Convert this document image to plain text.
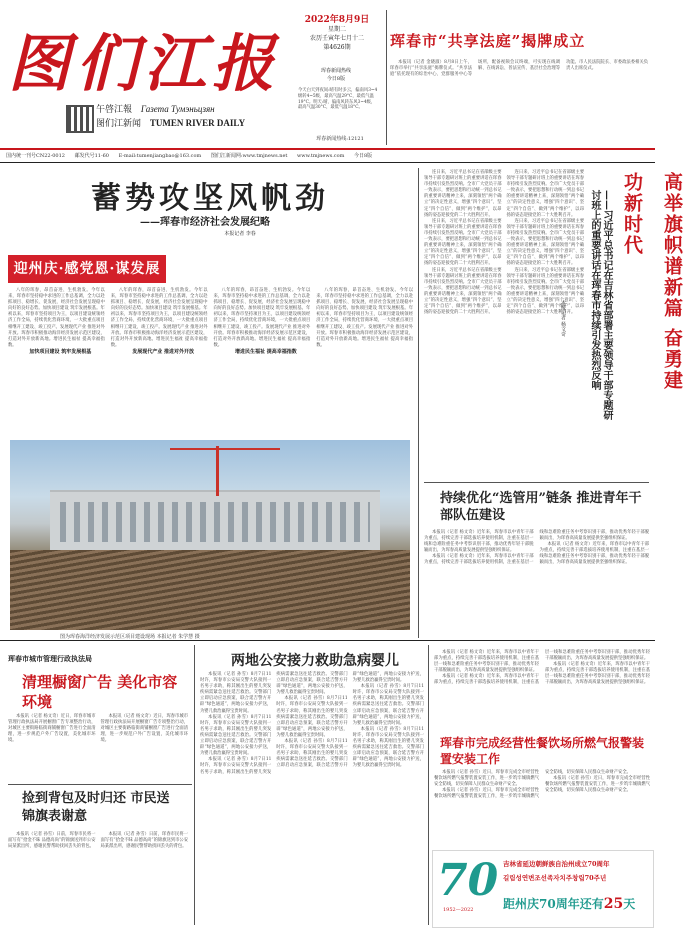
图们江报
午啓江報 Газета Тумэньцзян
图们江新闻 TUMEN RIVER DAILY
2022年8月9日
星期二
农历壬寅年七月十二
第4626期
珲春新闻热线
今日8版
今天白天到夜间:晴有时多云，偏南风3~4级转4~5级，最高气温29°C，最低气温19°C。明天:晴，偏南风转东风3~4级，最高气温30°C，最低气温18°C。
珲春新闻热线:12121
珲春市“共享法庭”揭牌成立

本报讯（记者 金晓淑）8月8日上午，珲春市举行“共享法庭”揭牌仪式。“共享法庭”依托现有的综治中心、党群服务中心等场所，配备视频会议终端，可实现在线调解、在线诉讼、普法宣传、基层社会治理等功能。市人民法院院长、市委政法委相关负责人出席仪式。

国内统一刊号CN22-0012 邮发代号11-60 E-mail:tumenjiangbao@163.com 图们江新闻网:www.tmjnews.net www.tmjnews.com 今日8版
蓄势攻坚风帆劲
——珲春市经济社会发展纪略
本报记者 李春
迎州庆·感党恩·谋发展

八年的珲春，昂首奋进、生机勃发。今年以来，珲春市坚持稳中求进的工作总基调，全力以赴抓项目、稳增长、促发展，经济社会发展呈现稳中向好的良好态势。加快项目建设 筑牢发展根基。年初以来，珲春市坚持项目为王，以项目建设统领经济工作全局，持续优化营商环境，一大批重点项目相继开工建设、竣工投产。发展现代产业 推进对外开放。珲春市积极推动海洋经济发展示范区建设，打造对外开放新高地。增进民生福祉 提高幸福指数。

加快项目建设 筑牢发展根基

八年的珲春，昂首奋进、生机勃发。今年以来，珲春市坚持稳中求进的工作总基调，全力以赴抓项目、稳增长、促发展，经济社会发展呈现稳中向好的良好态势。加快项目建设 筑牢发展根基。年初以来，珲春市坚持项目为王，以项目建设统领经济工作全局，持续优化营商环境，一大批重点项目相继开工建设、竣工投产。发展现代产业 推进对外开放。珲春市积极推动海洋经济发展示范区建设，打造对外开放新高地。增进民生福祉 提高幸福指数。

发展现代产业 推进对外开放

八年的珲春，昂首奋进、生机勃发。今年以来，珲春市坚持稳中求进的工作总基调，全力以赴抓项目、稳增长、促发展，经济社会发展呈现稳中向好的良好态势。加快项目建设 筑牢发展根基。年初以来，珲春市坚持项目为王，以项目建设统领经济工作全局，持续优化营商环境，一大批重点项目相继开工建设、竣工投产。发展现代产业 推进对外开放。珲春市积极推动海洋经济发展示范区建设，打造对外开放新高地。增进民生福祉 提高幸福指数。

增进民生福祉 提高幸福指数

八年的珲春，昂首奋进、生机勃发。今年以来，珲春市坚持稳中求进的工作总基调，全力以赴抓项目、稳增长、促发展，经济社会发展呈现稳中向好的良好态势。加快项目建设 筑牢发展根基。年初以来，珲春市坚持项目为王，以项目建设统领经济工作全局，持续优化营商环境，一大批重点项目相继开工建设、竣工投产。发展现代产业 推进对外开放。珲春市积极推动海洋经济发展示范区建设，打造对外开放新高地。增进民生福祉 提高幸福指数。

图为珲春海洋经济发展示范区项目建设现场 本报记者 朱学慧 摄

连日来，习近平总书记在省部级主要领导干部专题研讨班上的重要讲话在珲春市持续引发热烈反响。全市广大党员干部一致表示，要把思想和行动统一到总书记的重要讲话精神上来，深刻领悟“两个确立”的决定性意义，增强“四个意识”、坚定“四个自信”、做到“两个维护”，以昂扬的姿态迎接党的二十大胜利召开。

连日来，习近平总书记在省部级主要领导干部专题研讨班上的重要讲话在珲春市持续引发热烈反响。全市广大党员干部一致表示，要把思想和行动统一到总书记的重要讲话精神上来，深刻领悟“两个确立”的决定性意义，增强“四个意识”、坚定“四个自信”、做到“两个维护”，以昂扬的姿态迎接党的二十大胜利召开。

连日来，习近平总书记在省部级主要领导干部专题研讨班上的重要讲话在珲春市持续引发热烈反响。全市广大党员干部一致表示，要把思想和行动统一到总书记的重要讲话精神上来，深刻领悟“两个确立”的决定性意义，增强“四个意识”、坚定“四个自信”、做到“两个维护”，以昂扬的姿态迎接党的二十大胜利召开。

连日来，习近平总书记在省部级主要领导干部专题研讨班上的重要讲话在珲春市持续引发热烈反响。全市广大党员干部一致表示，要把思想和行动统一到总书记的重要讲话精神上来，深刻领悟“两个确立”的决定性意义，增强“四个意识”、坚定“四个自信”、做到“两个维护”，以昂扬的姿态迎接党的二十大胜利召开。

连日来，习近平总书记在省部级主要领导干部专题研讨班上的重要讲话在珲春市持续引发热烈反响。全市广大党员干部一致表示，要把思想和行动统一到总书记的重要讲话精神上来，深刻领悟“两个确立”的决定性意义，增强“四个意识”、坚定“四个自信”、做到“两个维护”，以昂扬的姿态迎接党的二十大胜利召开。

连日来，习近平总书记在省部级主要领导干部专题研讨班上的重要讲话在珲春市持续引发热烈反响。全市广大党员干部一致表示，要把思想和行动统一到总书记的重要讲话精神上来，深刻领悟“两个确立”的决定性意义，增强“四个意识”、坚定“四个自信”、做到“两个维护”，以昂扬的姿态迎接党的二十大胜利召开。	高举旗帜谱新篇 奋勇建功新时代
——习近平总书记在吉林省部署主要领导干部专题研讨班上的重要讲话在珲春市持续引发热烈反响
本报记者 杨文奇
持续优化“选管用”链条 推进青年干部队伍建设

本报讯（记者 杨文奇）近年来，珲春市以中青年干部为重点，持续完善干部选拔培养使用机制，注重在基层一线和急难险重任务中考察识别干部，推动优秀年轻干部脱颖而出，为珲春高质量发展提供坚强组织保证。

本报讯（记者 杨文奇）近年来，珲春市以中青年干部为重点，持续完善干部选拔培养使用机制，注重在基层一线和急难险重任务中考察识别干部，推动优秀年轻干部脱颖而出，为珲春高质量发展提供坚强组织保证。

本报讯（记者 杨文奇）近年来，珲春市以中青年干部为重点，持续完善干部选拔培养使用机制，注重在基层一线和急难险重任务中考察识别干部，推动优秀年轻干部脱颖而出，为珲春高质量发展提供坚强组织保证。

珲春市城市管理行政执法局
清理橱窗广告 美化市容环境

本报讯（记者 杨文奇）近日，珲春市城市管理行政执法局开展橱窗广告专项整治行动，对城区主要街路临街商铺橱窗广告进行全面清理，进一步规范户外广告设置，美化城市环境。

本报讯（记者 杨文奇）近日，珲春市城市管理行政执法局开展橱窗广告专项整治行动，对城区主要街路临街商铺橱窗广告进行全面清理，进一步规范户外广告设置，美化城市环境。

捡到背包及时归还 市民送锦旗表谢意

本报讯（记者 孙雪）日前，珲春市民将一面写有“拾金不昧 品德高尚”的锦旗送到市公安局某派出所，感谢民警帮助找回丢失的背包。

本报讯（记者 孙雪）日前，珲春市民将一面写有“拾金不昧 品德高尚”的锦旗送到市公安局某派出所，感谢民警帮助找回丢失的背包。

两地公安接力救助急病婴儿

本报讯（记者 孙雪）8月7日11时许，珲春市公安局交警大队接到一名男子求助，称其刚出生的婴儿突发疾病需紧急送往延吉救治。交警部门立即启动应急预案，联合延吉警方开辟“绿色通道”，两地公安接力护送，为婴儿救治赢得宝贵时间。

本报讯（记者 孙雪）8月7日11时许，珲春市公安局交警大队接到一名男子求助，称其刚出生的婴儿突发疾病需紧急送往延吉救治。交警部门立即启动应急预案，联合延吉警方开辟“绿色通道”，两地公安接力护送，为婴儿救治赢得宝贵时间。

本报讯（记者 孙雪）8月7日11时许，珲春市公安局交警大队接到一名男子求助，称其刚出生的婴儿突发疾病需紧急送往延吉救治。交警部门立即启动应急预案，联合延吉警方开辟“绿色通道”，两地公安接力护送，为婴儿救治赢得宝贵时间。

本报讯（记者 孙雪）8月7日11时许，珲春市公安局交警大队接到一名男子求助，称其刚出生的婴儿突发疾病需紧急送往延吉救治。交警部门立即启动应急预案，联合延吉警方开辟“绿色通道”，两地公安接力护送，为婴儿救治赢得宝贵时间。

本报讯（记者 孙雪）8月7日11时许，珲春市公安局交警大队接到一名男子求助，称其刚出生的婴儿突发疾病需紧急送往延吉救治。交警部门立即启动应急预案，联合延吉警方开辟“绿色通道”，两地公安接力护送，为婴儿救治赢得宝贵时间。

本报讯（记者 孙雪）8月7日11时许，珲春市公安局交警大队接到一名男子求助，称其刚出生的婴儿突发疾病需紧急送往延吉救治。交警部门立即启动应急预案，联合延吉警方开辟“绿色通道”，两地公安接力护送，为婴儿救治赢得宝贵时间。

本报讯（记者 孙雪）8月7日11时许，珲春市公安局交警大队接到一名男子求助，称其刚出生的婴儿突发疾病需紧急送往延吉救治。交警部门立即启动应急预案，联合延吉警方开辟“绿色通道”，两地公安接力护送，为婴儿救治赢得宝贵时间。

珲春市完成经营性餐饮场所燃气报警装置安装工作

本报讯（记者 孙雪）近日，珲春市完成全市经营性餐饮场所燃气报警装置安装工作，进一步筑牢城镇燃气安全防线，切实保障人民群众生命财产安全。

本报讯（记者 孙雪）近日，珲春市完成全市经营性餐饮场所燃气报警装置安装工作，进一步筑牢城镇燃气安全防线，切实保障人民群众生命财产安全。

本报讯（记者 孙雪）近日，珲春市完成全市经营性餐饮场所燃气报警装置安装工作，进一步筑牢城镇燃气安全防线，切实保障人民群众生命财产安全。

本报讯（记者 杨文奇）近年来，珲春市以中青年干部为重点，持续完善干部选拔培养使用机制，注重在基层一线和急难险重任务中考察识别干部，推动优秀年轻干部脱颖而出，为珲春高质量发展提供坚强组织保证。

本报讯（记者 杨文奇）近年来，珲春市以中青年干部为重点，持续完善干部选拔培养使用机制，注重在基层一线和急难险重任务中考察识别干部，推动优秀年轻干部脱颖而出，为珲春高质量发展提供坚强组织保证。

本报讯（记者 杨文奇）近年来，珲春市以中青年干部为重点，持续完善干部选拔培养使用机制，注重在基层一线和急难险重任务中考察识别干部，推动优秀年轻干部脱颖而出，为珲春高质量发展提供坚强组织保证。

70
1952—2022
吉林省延边朝鲜族自治州成立70周年
길림성연변조선족자치주창립70주년
距州庆70周年还有25天
